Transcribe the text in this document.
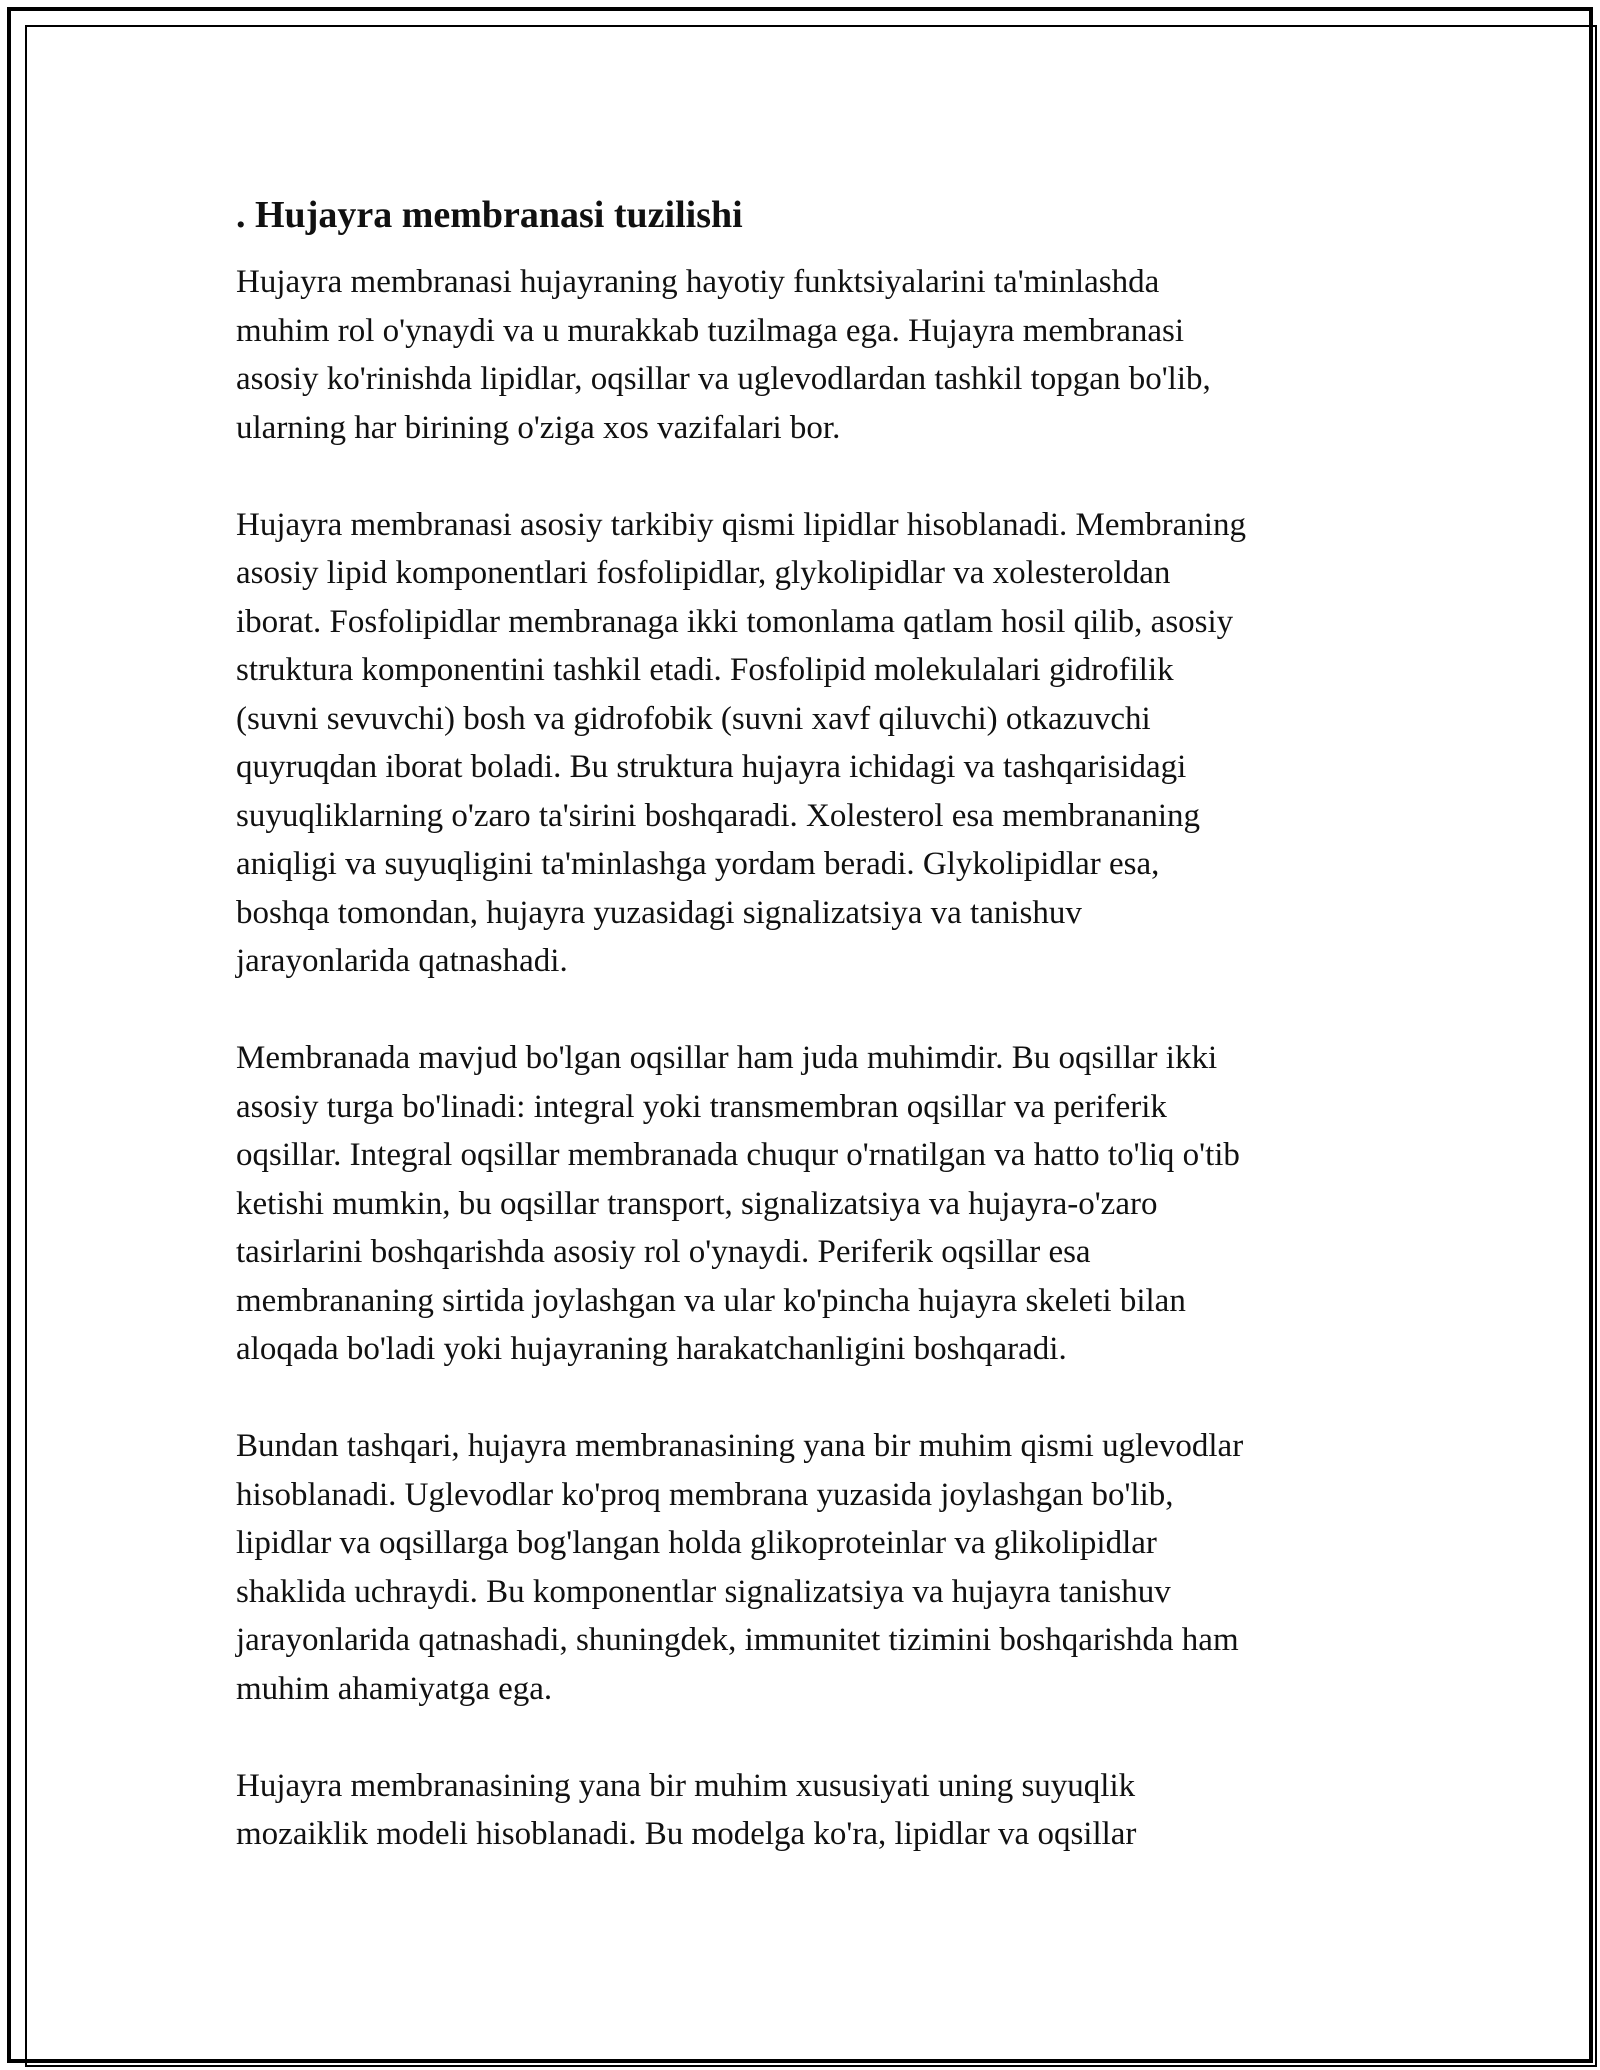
. Hujayra membranasi tuzilishi

Hujayra membranasi hujayraning hayotiy funktsiyalarini ta'minlashda
muhim rol o'ynaydi va u murakkab tuzilmaga ega. Hujayra membranasi
asosiy ko'rinishda lipidlar, oqsillar va uglevodlardan tashkil topgan bo'lib,
ularning har birining o'ziga xos vazifalari bor.

Hujayra membranasi asosiy tarkibiy qismi lipidlar hisoblanadi. Membraning
asosiy lipid komponentlari fosfolipidlar, glykolipidlar va xolesteroldan
iborat. Fosfolipidlar membranaga ikki tomonlama qatlam hosil qilib, asosiy
struktura komponentini tashkil etadi. Fosfolipid molekulalari gidrofilik
(suvni sevuvchi) bosh va gidrofobik (suvni xavf qiluvchi) otkazuvchi
quyruqdan iborat boladi. Bu struktura hujayra ichidagi va tashqarisidagi
suyuqliklarning o'zaro ta'sirini boshqaradi. Xolesterol esa membrananing
aniqligi va suyuqligini ta'minlashga yordam beradi. Glykolipidlar esa,
boshqa tomondan, hujayra yuzasidagi signalizatsiya va tanishuv
jarayonlarida qatnashadi.

Membranada mavjud bo'lgan oqsillar ham juda muhimdir. Bu oqsillar ikki
asosiy turga bo'linadi: integral yoki transmembran oqsillar va periferik
oqsillar. Integral oqsillar membranada chuqur o'rnatilgan va hatto to'liq o'tib
ketishi mumkin, bu oqsillar transport, signalizatsiya va hujayra-o'zaro
tasirlarini boshqarishda asosiy rol o'ynaydi. Periferik oqsillar esa
membrananing sirtida joylashgan va ular ko'pincha hujayra skeleti bilan
aloqada bo'ladi yoki hujayraning harakatchanligini boshqaradi.

Bundan tashqari, hujayra membranasining yana bir muhim qismi uglevodlar
hisoblanadi. Uglevodlar ko'proq membrana yuzasida joylashgan bo'lib,
lipidlar va oqsillarga bog'langan holda glikoproteinlar va glikolipidlar
shaklida uchraydi. Bu komponentlar signalizatsiya va hujayra tanishuv
jarayonlarida qatnashadi, shuningdek, immunitet tizimini boshqarishda ham
muhim ahamiyatga ega.

Hujayra membranasining yana bir muhim xususiyati uning suyuqlik
mozaiklik modeli hisoblanadi. Bu modelga ko'ra, lipidlar va oqsillar
